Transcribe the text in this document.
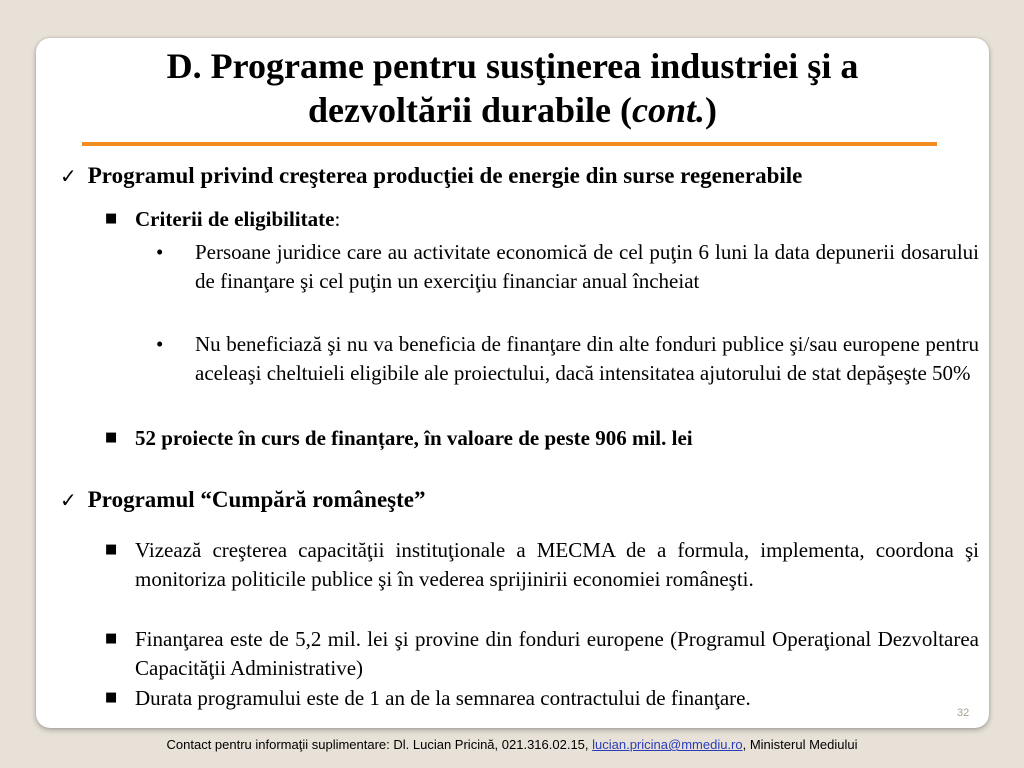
D. Programe pentru susţinerea industriei şi a
dezvoltării durabile (cont.)
✓ Programul privind creşterea producţiei de energie din surse regenerabile
■ Criterii de eligibilitate:
• Persoane juridice care au activitate economică de cel puţin 6 luni la data depunerii dosarului de finanţare şi cel puţin un exerciţiu financiar anual încheiat
• Nu beneficiază şi nu va beneficia de finanţare din alte fonduri publice şi/sau europene pentru aceleaşi cheltuieli eligibile ale proiectului, dacă intensitatea ajutorului de stat depăşeşte 50%
■ 52 proiecte în curs de finanțare, în valoare de peste 906 mil. lei
✓ Programul “Cumpără româneşte”
■ Vizează creşterea capacităţii instituţionale a MECMA de a formula, implementa, coordona şi monitoriza politicile publice şi în vederea sprijinirii economiei româneşti.
■ Finanţarea este de 5,2 mil. lei şi provine din fonduri europene (Programul Operaţional Dezvoltarea Capacităţii Administrative)
■ Durata programului este de 1 an de la semnarea contractului de finanţare.
32
Contact pentru informaţii suplimentare: Dl. Lucian Pricină, 021.316.02.15, lucian.pricina@mmediu.ro, Ministerul Mediului
